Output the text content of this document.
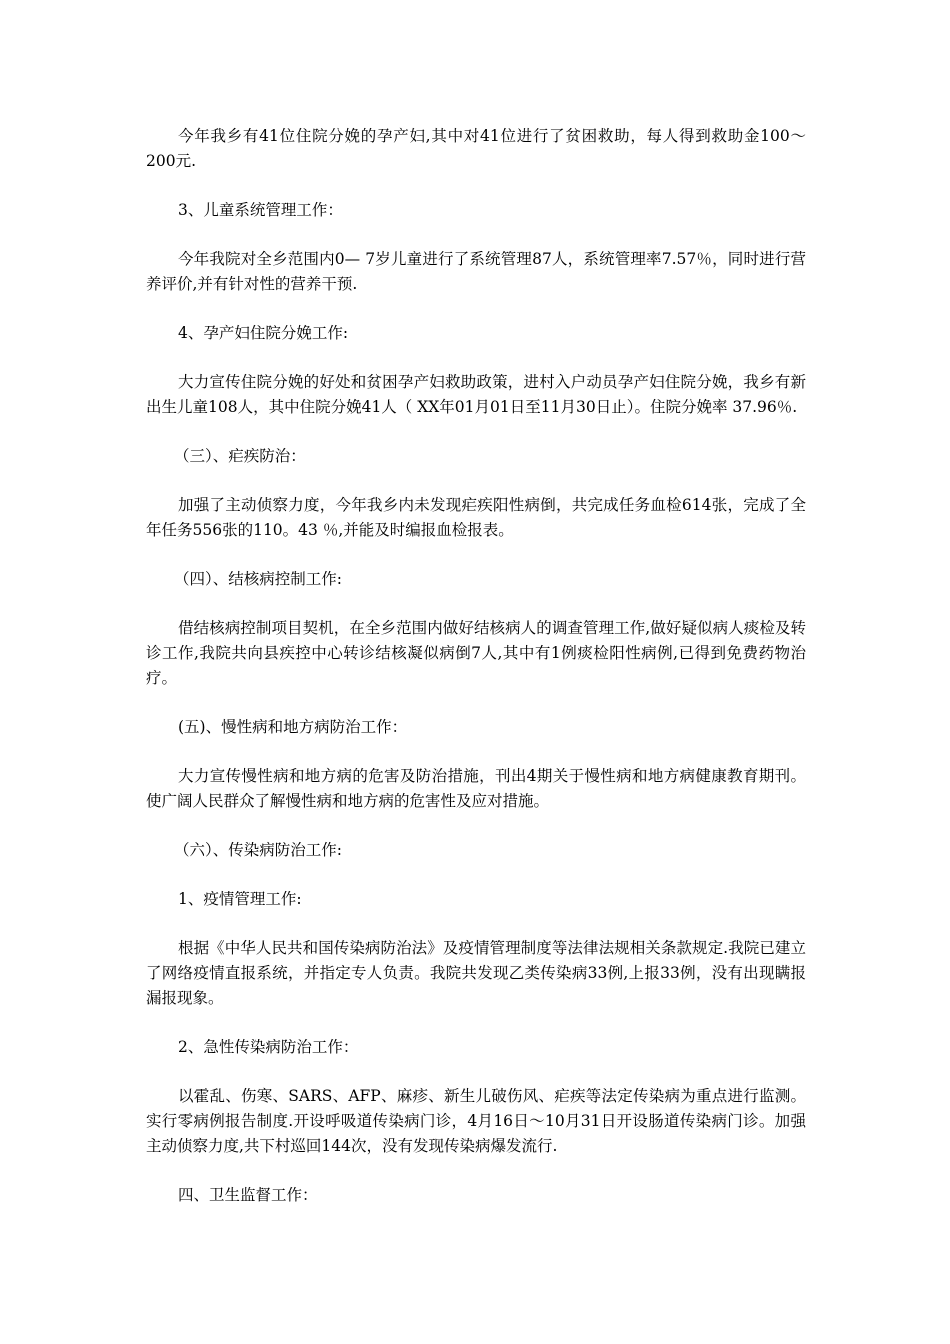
今年我乡有41位住院分娩的孕产妇,其中对41位进行了贫困救助，每人得到救助金100～200元.

3、儿童系统管理工作：

今年我院对全乡范围内0— 7岁儿童进行了系统管理87人，系统管理率7.57％，同时进行营养评价,并有针对性的营养干预.

4、孕产妇住院分娩工作:

大力宣传住院分娩的好处和贫困孕产妇救助政策，进村入户动员孕产妇住院分娩，我乡有新出生儿童108人，其中住院分娩41人（ XX年01月01日至11月30日止）。住院分娩率 37.96％.

（三）、疟疾防治：

加强了主动侦察力度，今年我乡内未发现疟疾阳性病倒，共完成任务血检614张，完成了全年任务556张的110。43 ％,并能及时编报血检报表。

（四）、结核病控制工作:

借结核病控制项目契机，在全乡范围内做好结核病人的调查管理工作,做好疑似病人痰检及转诊工作,我院共向县疾控中心转诊结核凝似病倒7人,其中有1例痰检阳性病例,已得到免费药物治疗。

(五)、慢性病和地方病防治工作：

大力宣传慢性病和地方病的危害及防治措施，刊出4期关于慢性病和地方病健康教育期刊。使广阔人民群众了解慢性病和地方病的危害性及应对措施。

（六）、传染病防治工作:

1、疫情管理工作:

根据《中华人民共和国传染病防治法》及疫情管理制度等法律法规相关条款规定.我院已建立了网络疫情直报系统，并指定专人负责。我院共发现乙类传染病33例,上报33例，没有出现瞒报漏报现象。

2、急性传染病防治工作：

以霍乱、伤寒、SARS、AFP、麻疹、新生儿破伤风、疟疾等法定传染病为重点进行监测。实行零病例报告制度.开设呼吸道传染病门诊，4月16日～10月31日开设肠道传染病门诊。加强主动侦察力度,共下村巡回144次，没有发现传染病爆发流行.

四、卫生监督工作：
